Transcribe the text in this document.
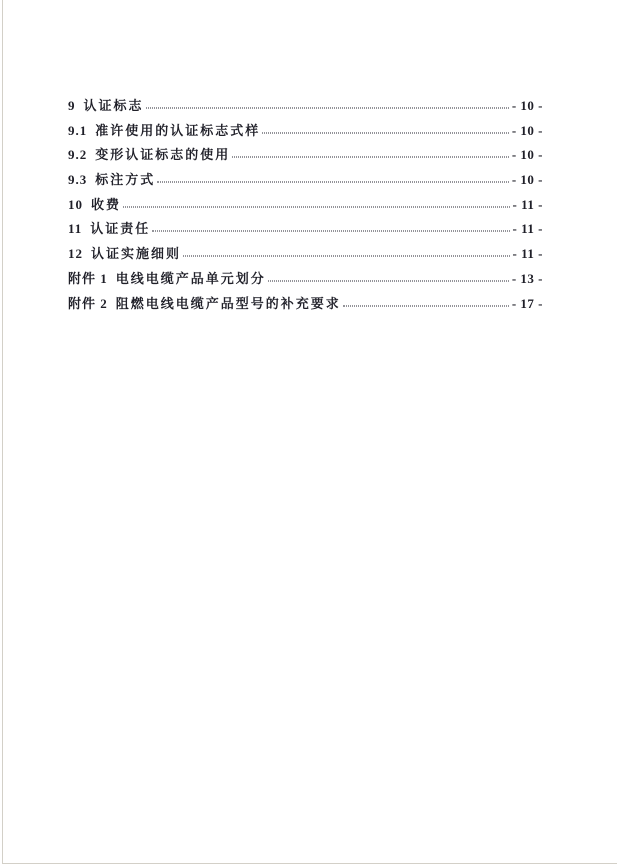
9 认证标志	- 10 -
9.1 准许使用的认证标志式样	- 10 -
9.2 变形认证标志的使用	- 10 -
9.3 标注方式	- 10 -
10 收费	- 11 -
11 认证责任	- 11 -
12 认证实施细则	- 11 -
附件 1 电线电缆产品单元划分	- 13 -
附件 2 阻燃电线电缆产品型号的补充要求	- 17 -
